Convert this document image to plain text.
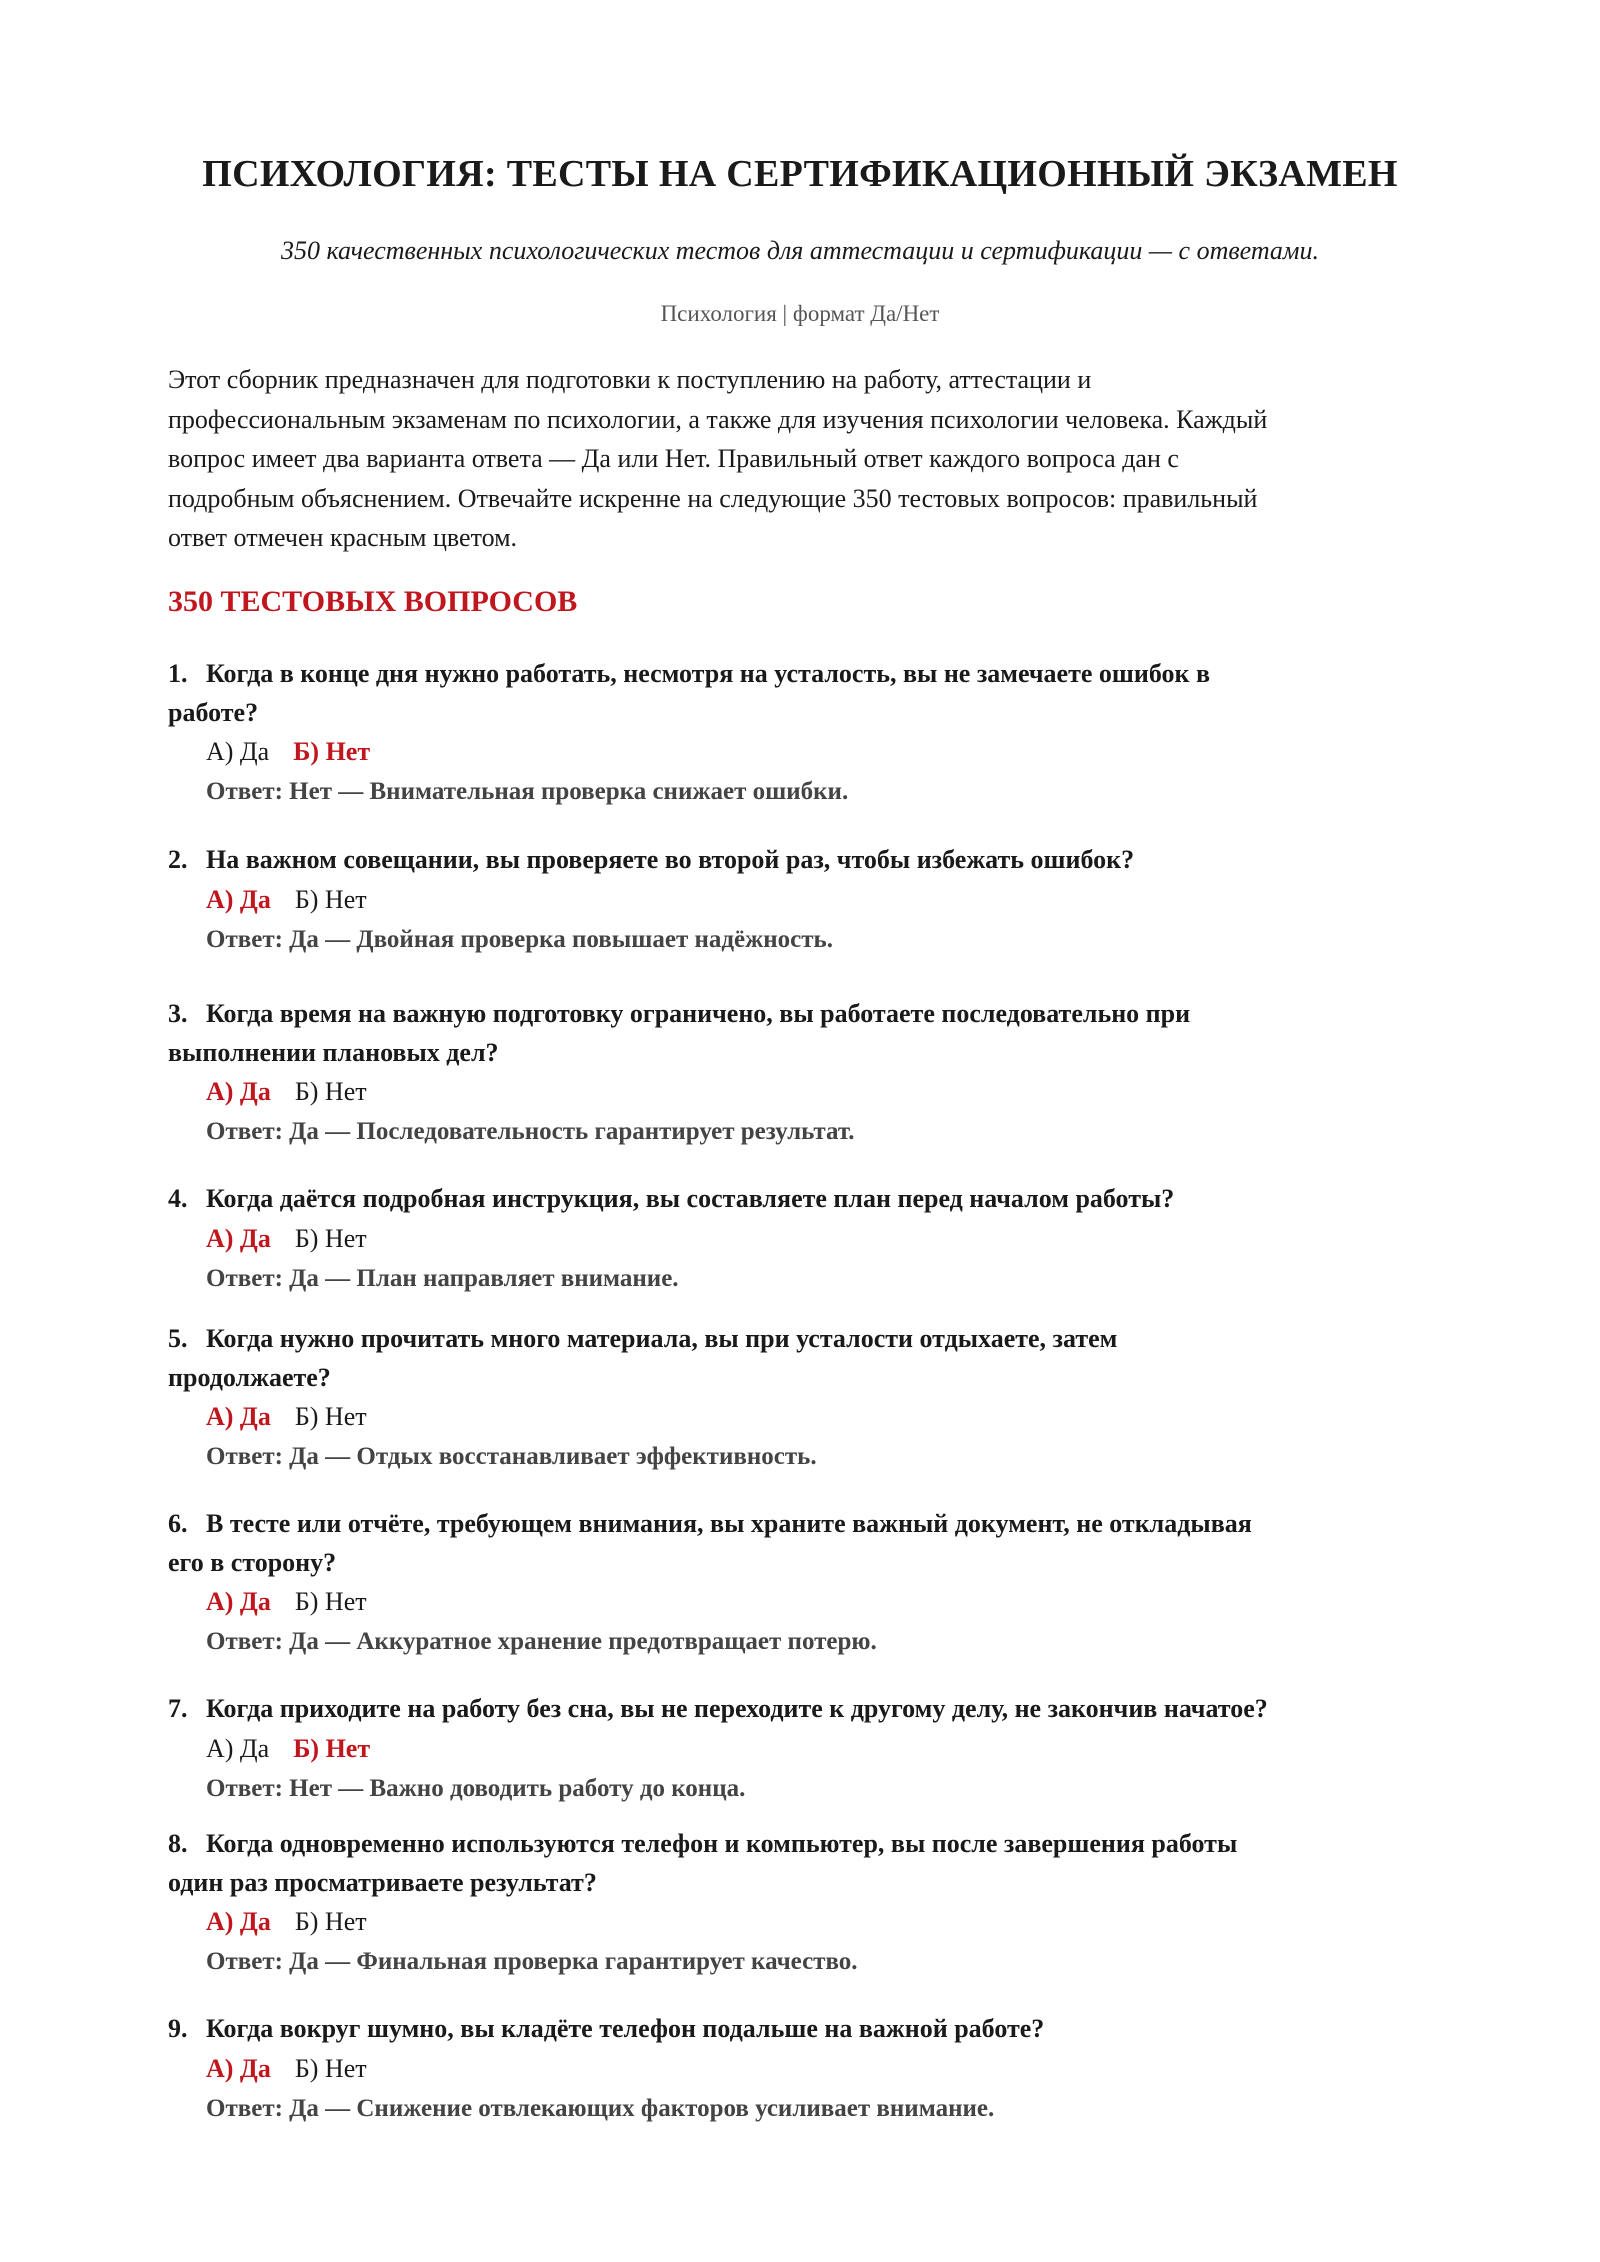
ПСИХОЛОГИЯ: ТЕСТЫ НА СЕРТИФИКАЦИОННЫЙ ЭКЗАМЕН
350 качественных психологических тестов для аттестации и сертификации — с ответами.
Психология | формат Да/Нет
Этот сборник предназначен для подготовки к поступлению на работу, аттестации и
профессиональным экзаменам по психологии, а также для изучения психологии человека. Каждый
вопрос имеет два варианта ответа — Да или Нет. Правильный ответ каждого вопроса дан с
подробным объяснением. Отвечайте искренне на следующие 350 тестовых вопросов: правильный
ответ отмечен красным цветом.
350 ТЕСТОВЫХ ВОПРОСОВ
1. Когда в конце дня нужно работать, несмотря на усталость, вы не замечаете ошибок в
работе?
А) Да Б) Нет
Ответ: Нет — Внимательная проверка снижает ошибки.
2. На важном совещании, вы проверяете во второй раз, чтобы избежать ошибок?
А) Да Б) Нет
Ответ: Да — Двойная проверка повышает надёжность.
3. Когда время на важную подготовку ограничено, вы работаете последовательно при
выполнении плановых дел?
А) Да Б) Нет
Ответ: Да — Последовательность гарантирует результат.
4. Когда даётся подробная инструкция, вы составляете план перед началом работы?
А) Да Б) Нет
Ответ: Да — План направляет внимание.
5. Когда нужно прочитать много материала, вы при усталости отдыхаете, затем
продолжаете?
А) Да Б) Нет
Ответ: Да — Отдых восстанавливает эффективность.
6. В тесте или отчёте, требующем внимания, вы храните важный документ, не откладывая
его в сторону?
А) Да Б) Нет
Ответ: Да — Аккуратное хранение предотвращает потерю.
7. Когда приходите на работу без сна, вы не переходите к другому делу, не закончив начатое?
А) Да Б) Нет
Ответ: Нет — Важно доводить работу до конца.
8. Когда одновременно используются телефон и компьютер, вы после завершения работы
один раз просматриваете результат?
А) Да Б) Нет
Ответ: Да — Финальная проверка гарантирует качество.
9. Когда вокруг шумно, вы кладёте телефон подальше на важной работе?
А) Да Б) Нет
Ответ: Да — Снижение отвлекающих факторов усиливает внимание.
